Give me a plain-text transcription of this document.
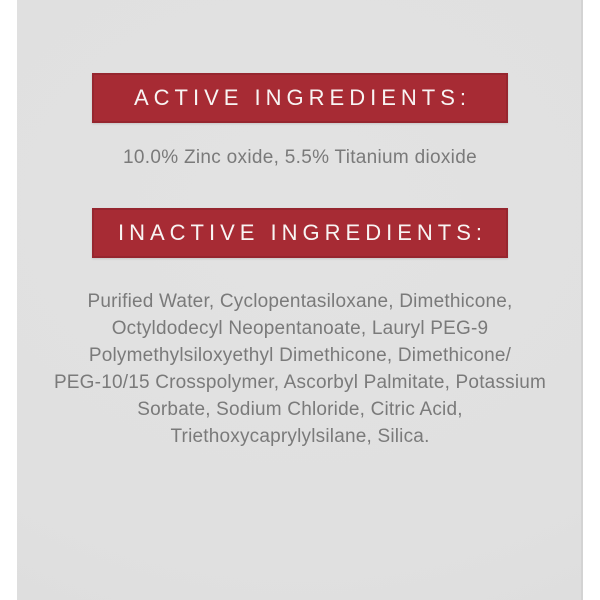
ACTIVE INGREDIENTS:
10.0% Zinc oxide, 5.5% Titanium dioxide
INACTIVE INGREDIENTS:
Purified Water, Cyclopentasiloxane, Dimethicone,
Octyldodecyl Neopentanoate, Lauryl PEG-9
Polymethylsiloxyethyl Dimethicone, Dimethicone/
PEG-10/15 Crosspolymer, Ascorbyl Palmitate, Potassium
Sorbate, Sodium Chloride, Citric Acid,
Triethoxycaprylylsilane, Silica.
